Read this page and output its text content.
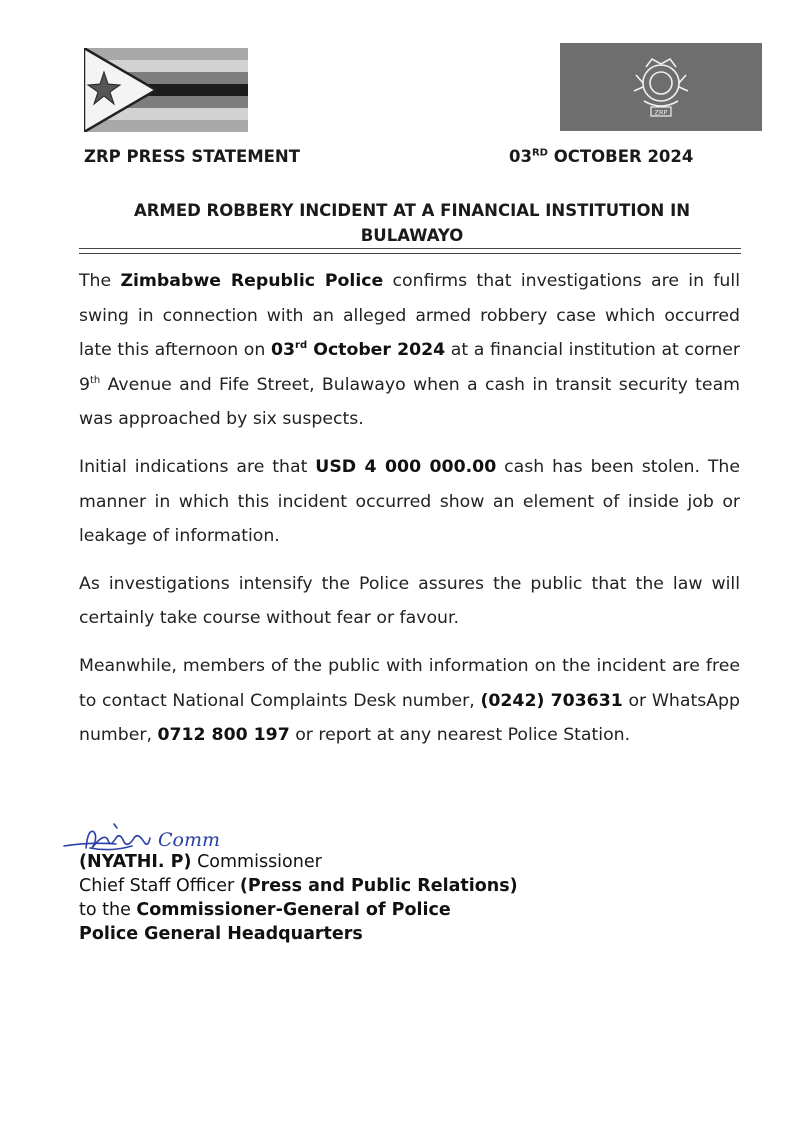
ZRP
ZRP PRESS STATEMENT	03RD OCTOBER 2024
ARMED ROBBERY INCIDENT AT A FINANCIAL INSTITUTION IN
BULAWAYO

The Zimbabwe Republic Police confirms that investigations are in full swing in connection with an alleged armed robbery case which occurred late this afternoon on 03rd October 2024 at a financial institution at corner 9th Avenue and Fife Street, Bulawayo when a cash in transit security team was approached by six suspects.

Initial indications are that USD 4 000 000.00 cash has been stolen. The manner in which this incident occurred show an element of inside job or leakage of information.

As investigations intensify the Police assures the public that the law will certainly take course without fear or favour.

Meanwhile, members of the public with information on the incident are free to contact National Complaints Desk number, (0242) 703631 or WhatsApp number, 0712 800 197 or report at any nearest Police Station.

Comm
(NYATHI. P) Commissioner
Chief Staff Officer (Press and Public Relations)
to the Commissioner-General of Police
Police General Headquarters
